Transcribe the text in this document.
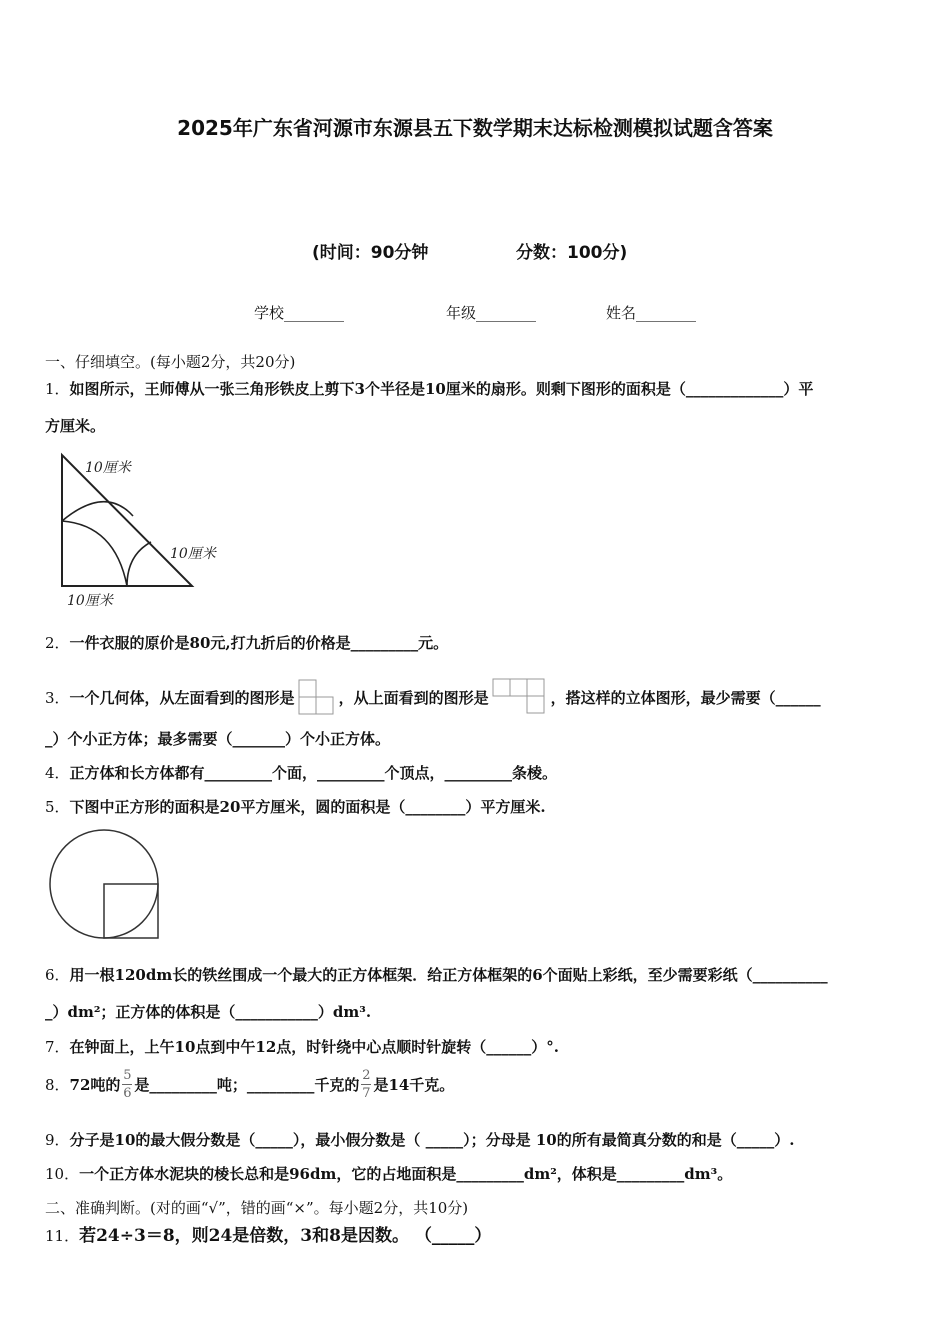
2025年广东省河源市东源县五下数学期末达标检测模拟试题含答案
(时间：90分钟	分数：100分)
学校________	年级________	姓名________
一、仔细填空。(每小题2分，共20分)
1．如图所示，王师傅从一张三角形铁皮上剪下3个半径是10厘米的扇形。则剩下图形的面积是（_____________）平
方厘米。
10厘米
10厘米
10厘米
2．一件衣服的原价是80元,打九折后的价格是_________元。
3． 一个几何体，从左面看到的图形是	，从上面看到的图形是	，搭这样的立体图形，最少需要（______
_）个小正方体；最多需要（_______）个小正方体。
4．正方体和长方体都有_________个面，_________个顶点，_________条棱。
5．下图中正方形的面积是20平方厘米，圆的面积是（________）平方厘米.
6．用一根120dm长的铁丝围成一个最大的正方体框架．给正方体框架的6个面贴上彩纸，至少需要彩纸（__________
_）dm²；正方体的体积是（___________）dm³.
7．在钟面上，上午10点到中午12点，时针绕中心点顺时针旋转（______）°.
8． 72吨的 $\frac{5}{6}$ 是_________吨；_________千克的 $\frac{2}{7}$ 是14千克。
9．分子是10的最大假分数是（_____），最小假分数是（ _____）；分母是 10的所有最简真分数的和是（_____）.
10．一个正方体水泥块的棱长总和是96dm，它的占地面积是_________dm²，体积是_________dm³。
二、准确判断。(对的画“√”，错的画“×”。每小题2分，共10分)
11．若24÷3＝8，则24是倍数，3和8是因数。 （_____）
